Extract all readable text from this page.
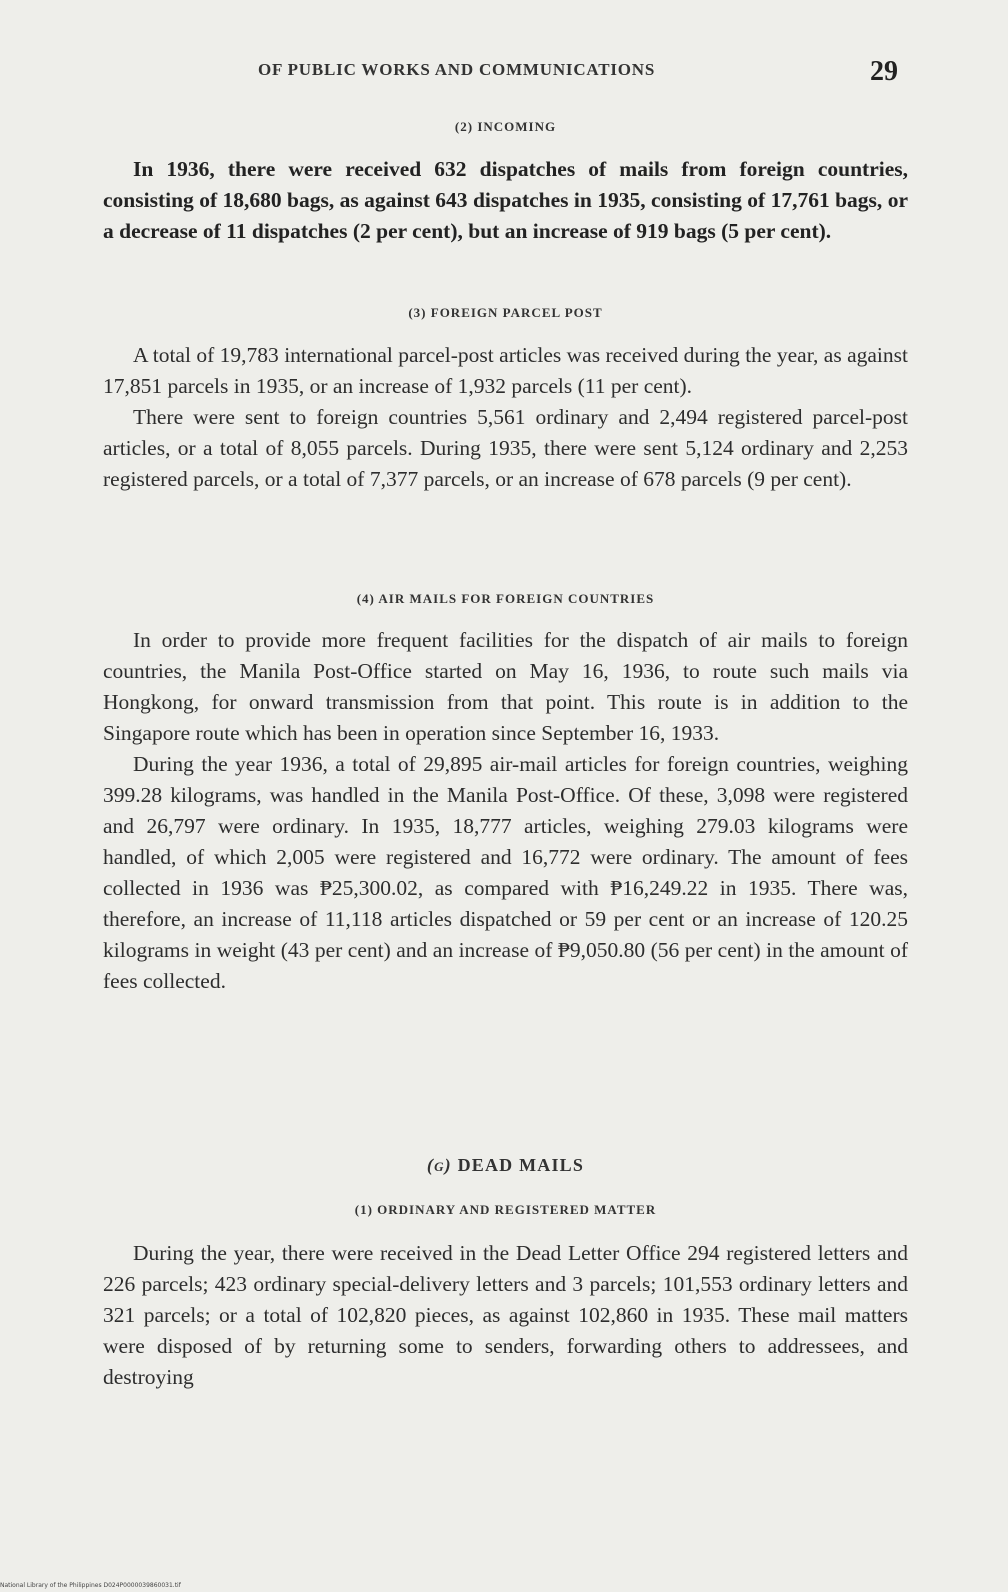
OF PUBLIC WORKS AND COMMUNICATIONS	29
(2) INCOMING

In 1936, there were received 632 dispatches of mails from foreign countries, consisting of 18,680 bags, as against 643 dispatches in 1935, consisting of 17,761 bags, or a decrease of 11 dispatches (2 per cent), but an increase of 919 bags (5 per cent).

(3) FOREIGN PARCEL POST

A total of 19,783 international parcel-post articles was received during the year, as against 17,851 parcels in 1935, or an increase of 1,932 parcels (11 per cent).

There were sent to foreign countries 5,561 ordinary and 2,494 registered parcel-post articles, or a total of 8,055 parcels. During 1935, there were sent 5,124 ordinary and 2,253 registered parcels, or a total of 7,377 parcels, or an increase of 678 parcels (9 per cent).

(4) AIR MAILS FOR FOREIGN COUNTRIES

In order to provide more frequent facilities for the dispatch of air mails to foreign countries, the Manila Post-Office started on May 16, 1936, to route such mails via Hongkong, for onward transmission from that point. This route is in addition to the Singapore route which has been in operation since September 16, 1933.

During the year 1936, a total of 29,895 air-mail articles for foreign countries, weighing 399.28 kilograms, was handled in the Manila Post-Office. Of these, 3,098 were registered and 26,797 were ordinary. In 1935, 18,777 articles, weighing 279.03 kilograms were handled, of which 2,005 were registered and 16,772 were ordinary. The amount of fees collected in 1936 was ₱25,300.02, as compared with ₱16,249.22 in 1935. There was, therefore, an increase of 11,118 articles dispatched or 59 per cent or an increase of 120.25 kilograms in weight (43 per cent) and an increase of ₱9,050.80 (56 per cent) in the amount of fees collected.

(g) DEAD MAILS
(1) ORDINARY AND REGISTERED MATTER

During the year, there were received in the Dead Letter Office 294 registered letters and 226 parcels; 423 ordinary special-delivery letters and 3 parcels; 101,553 ordinary letters and 321 parcels; or a total of 102,820 pieces, as against 102,860 in 1935. These mail matters were disposed of by returning some to senders, forwarding others to addressees, and destroying

National Library of the Philippines D024P0000039860031.tif
